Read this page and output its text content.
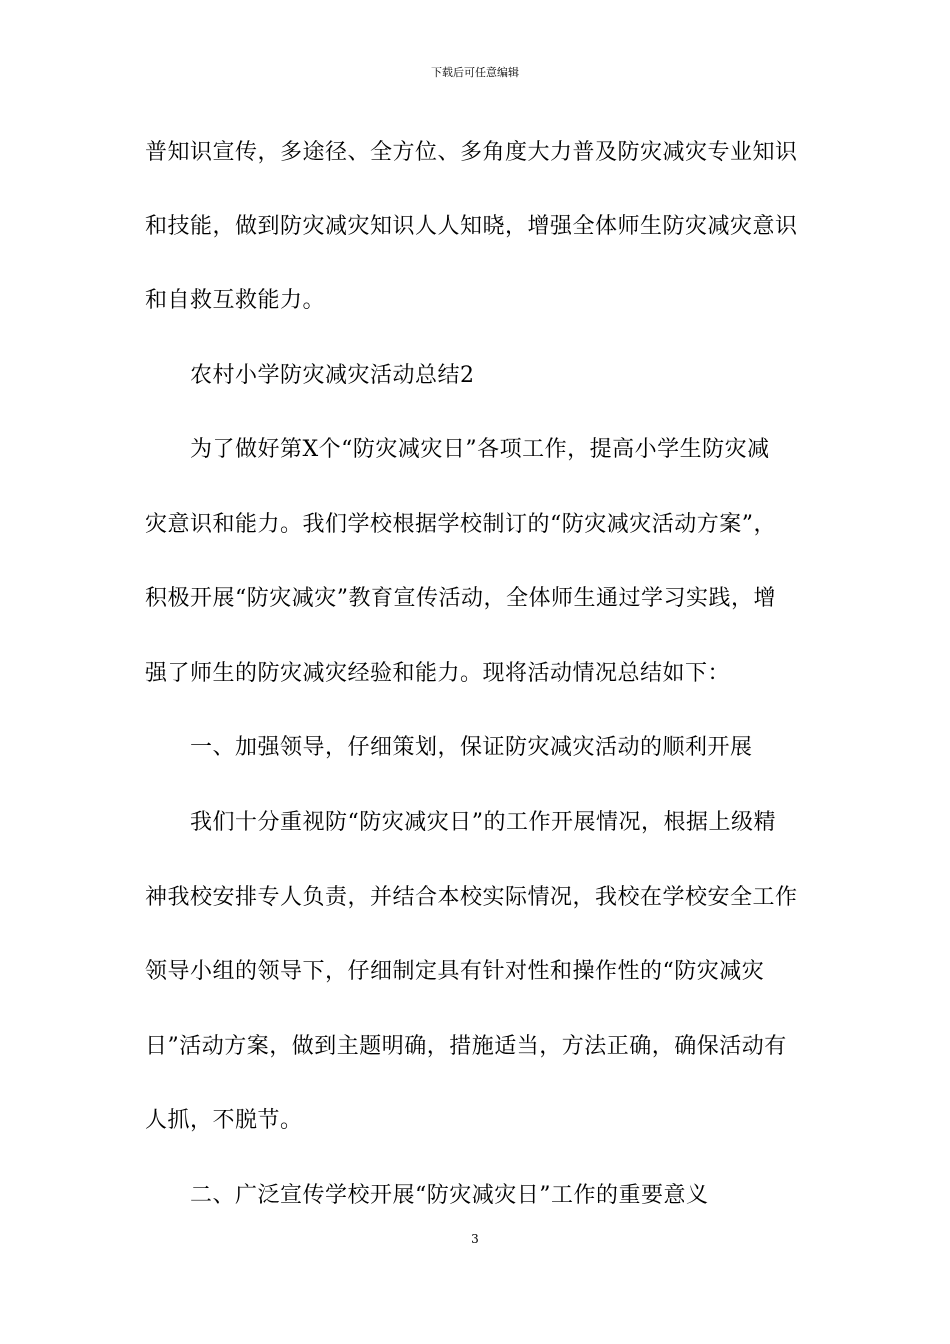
下载后可任意编辑
普知识宣传，多途径、全方位、多角度大力普及防灾减灾专业知识
和技能，做到防灾减灾知识人人知晓，增强全体师生防灾减灾意识
和自救互救能力。
农村小学防灾减灾活动总结2
为了做好第X个“防灾减灾日”各项工作，提高小学生防灾减
灾意识和能力。我们学校根据学校制订的“防灾减灾活动方案”，
积极开展“防灾减灾”教育宣传活动，全体师生通过学习实践，增
强了师生的防灾减灾经验和能力。现将活动情况总结如下：
一、加强领导，仔细策划，保证防灾减灾活动的顺利开展
我们十分重视防“防灾减灾日”的工作开展情况，根据上级精
神我校安排专人负责，并结合本校实际情况，我校在学校安全工作
领导小组的领导下，仔细制定具有针对性和操作性的“防灾减灾
日”活动方案，做到主题明确，措施适当，方法正确，确保活动有
人抓，不脱节。
二、广泛宣传学校开展“防灾减灾日”工作的重要意义
3
